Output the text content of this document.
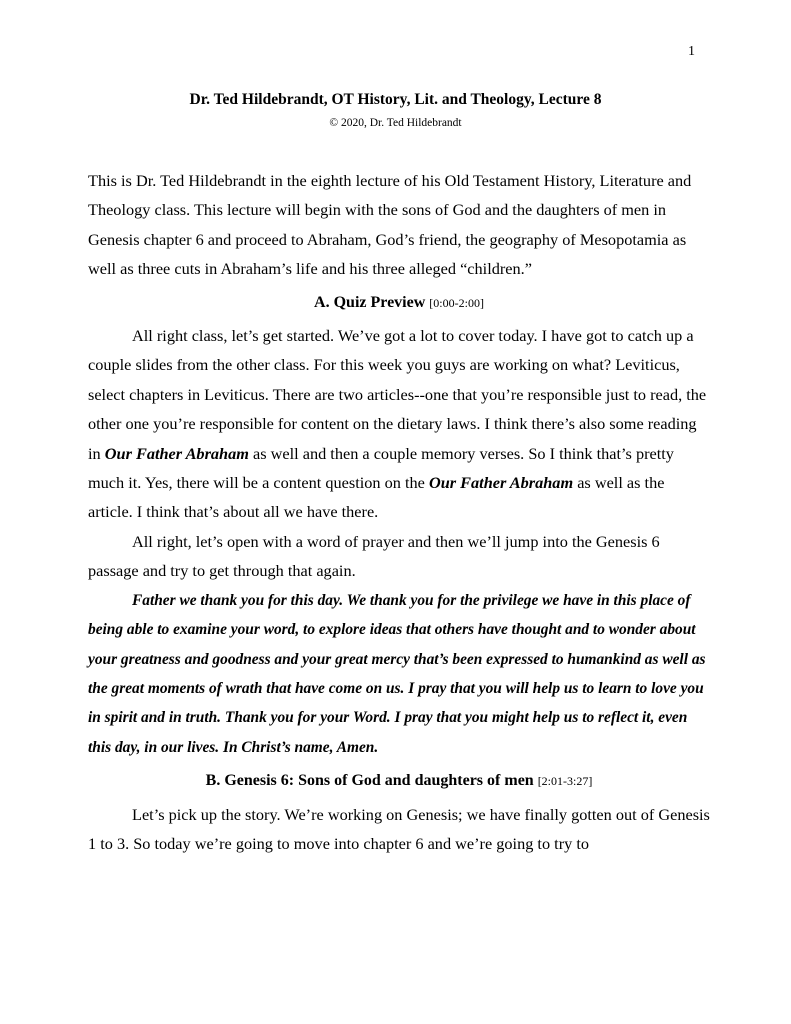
1
Dr. Ted Hildebrandt, OT History, Lit. and Theology, Lecture 8
© 2020, Dr. Ted Hildebrandt

This is Dr. Ted Hildebrandt in the eighth lecture of his Old Testament History, Literature and Theology class. This lecture will begin with the sons of God and the daughters of men in Genesis chapter 6 and proceed to Abraham, God’s friend, the geography of Mesopotamia as well as three cuts in Abraham’s life and his three alleged “children.”

A. Quiz Preview [0:00-2:00]

All right class, let’s get started. We’ve got a lot to cover today. I have got to catch up a couple slides from the other class. For this week you guys are working on what? Leviticus, select chapters in Leviticus. There are two articles--one that you’re responsible just to read, the other one you’re responsible for content on the dietary laws. I think there’s also some reading in Our Father Abraham as well and then a couple memory verses. So I think that’s pretty much it. Yes, there will be a content question on the Our Father Abraham as well as the article. I think that’s about all we have there.

All right, let’s open with a word of prayer and then we’ll jump into the Genesis 6 passage and try to get through that again.

Father we thank you for this day. We thank you for the privilege we have in this place of being able to examine your word, to explore ideas that others have thought and to wonder about your greatness and goodness and your great mercy that’s been expressed to humankind as well as the great moments of wrath that have come on us. I pray that you will help us to learn to love you in spirit and in truth. Thank you for your Word. I pray that you might help us to reflect it, even this day, in our lives. In Christ’s name, Amen.

B. Genesis 6: Sons of God and daughters of men [2:01-3:27]

Let’s pick up the story. We’re working on Genesis; we have finally gotten out of Genesis 1 to 3. So today we’re going to move into chapter 6 and we’re going to try to
